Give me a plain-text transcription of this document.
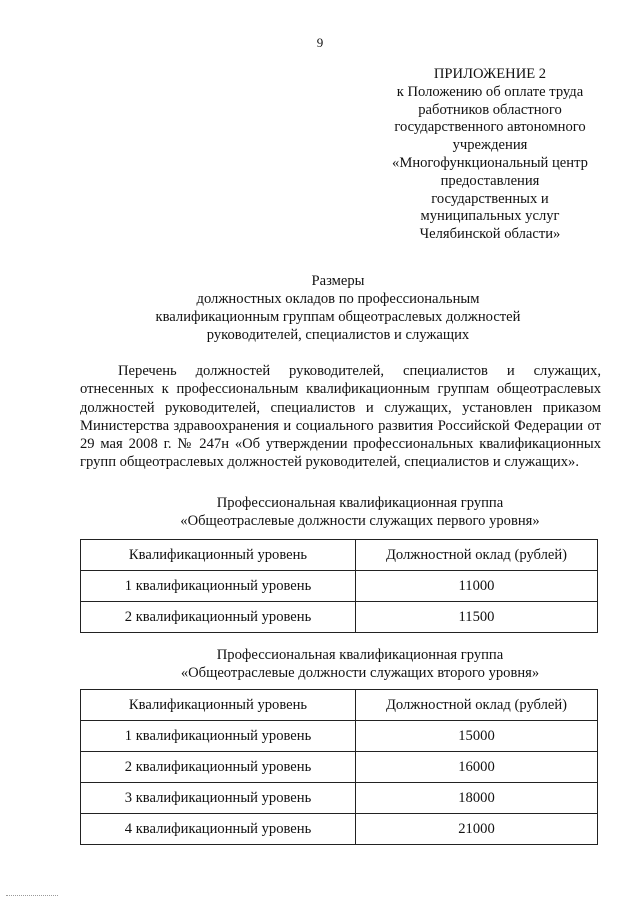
9
ПРИЛОЖЕНИЕ 2
к Положению об оплате труда
работников областного
государственного автономного
учреждения
«Многофункциональный центр
предоставления
государственных и
муниципальных услуг
Челябинской области»
Размеры
должностных окладов по профессиональным
квалификационным группам общеотраслевых должностей
руководителей, специалистов и служащих

Перечень должностей руководителей, специалистов и служащих, отнесенных к профессиональным квалификационным группам общеотраслевых должностей руководителей, специалистов и служащих, установлен приказом Министерства здравоохранения и социального развития Российской Федерации от 29 мая 2008 г. № 247н «Об утверждении профессиональных квалификационных групп общеотраслевых должностей руководителей, специалистов и служащих».

Профессиональная квалификационная группа
«Общеотраслевые должности служащих первого уровня»
Квалификационный уровень	Должностной оклад (рублей)
1 квалификационный уровень	11000
2 квалификационный уровень	11500
Профессиональная квалификационная группа
«Общеотраслевые должности служащих второго уровня»
Квалификационный уровень	Должностной оклад (рублей)
1 квалификационный уровень	15000
2 квалификационный уровень	16000
3 квалификационный уровень	18000
4 квалификационный уровень	21000
